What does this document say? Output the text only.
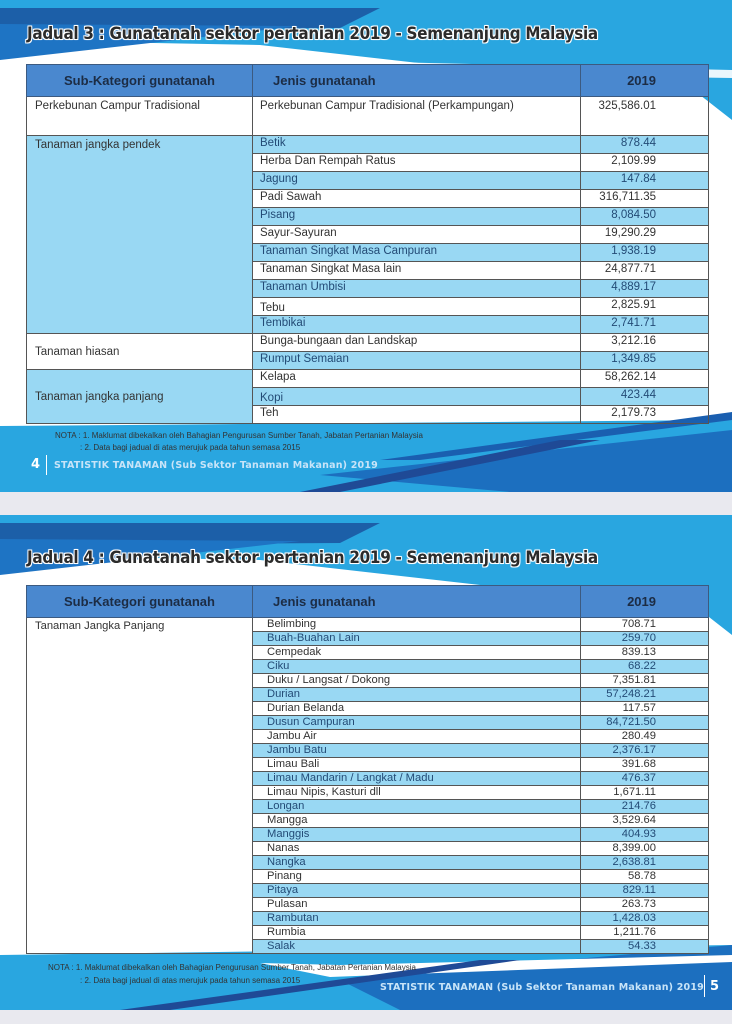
Jadual 3 : Gunatanah sektor pertanian 2019 - Semenanjung Malaysia
Sub-Kategori gunatanah	Jenis gunatanah	2019
Perkebunan Campur Tradisional	Perkebunan Campur Tradisional (Perkampungan)	325,586.01
Tanaman jangka pendek	Betik	878.44
	Herba Dan Rempah Ratus	2,109.99
	Jagung	147.84
	Padi Sawah	316,711.35
	Pisang	8,084.50
	Sayur-Sayuran	19,290.29
	Tanaman Singkat Masa Campuran	1,938.19
	Tanaman Singkat Masa lain	24,877.71
	Tanaman Umbisi	4,889.17
	Tebu	2,825.91
	Tembikai	2,741.71
Tanaman hiasan	Bunga-bungaan dan Landskap	3,212.16
	Rumput Semaian	1,349.85
Tanaman jangka panjang	Kelapa	58,262.14
	Kopi	423.44
	Teh	2,179.73
NOTA : 1. Maklumat dibekalkan oleh Bahagian Pengurusan Sumber Tanah, Jabatan Pertanian Malaysia
: 2. Data bagi jadual di atas merujuk pada tahun semasa 2015
4 STATISTIK TANAMAN (Sub Sektor Tanaman Makanan) 2019
Jadual 4 : Gunatanah sektor pertanian 2019 - Semenanjung Malaysia
Sub-Kategori gunatanah	Jenis gunatanah	2019
Tanaman Jangka Panjang	Belimbing	708.71
	Buah-Buahan Lain	259.70
	Cempedak	839.13
	Ciku	68.22
	Duku / Langsat / Dokong	7,351.81
	Durian	57,248.21
	Durian Belanda	117.57
	Dusun Campuran	84,721.50
	Jambu Air	280.49
	Jambu Batu	2,376.17
	Limau Bali	391.68
	Limau Mandarin / Langkat / Madu	476.37
	Limau Nipis, Kasturi dll	1,671.11
	Longan	214.76
	Mangga	3,529.64
	Manggis	404.93
	Nanas	8,399.00
	Nangka	2,638.81
	Pinang	58.78
	Pitaya	829.11
	Pulasan	263.73
	Rambutan	1,428.03
	Rumbia	1,211.76
	Salak	54.33
NOTA : 1. Maklumat dibekalkan oleh Bahagian Pengurusan Sumber Tanah, Jabatan Pertanian Malaysia
: 2. Data bagi jadual di atas merujuk pada tahun semasa 2015
STATISTIK TANAMAN (Sub Sektor Tanaman Makanan) 2019 5
